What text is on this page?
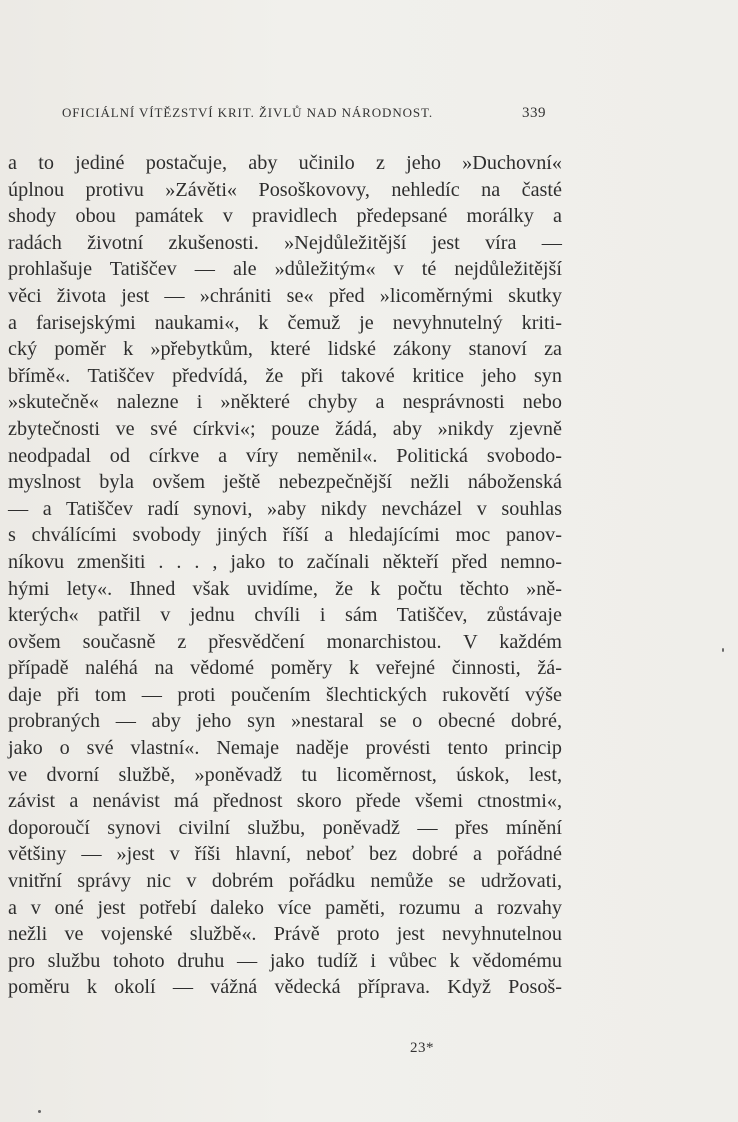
OFICIÁLNÍ VÍTĚZSTVÍ KRIT. ŽIVLŮ NAD NÁRODNOST.	339
a to jediné postačuje, aby učinilo z jeho »Duchovní«
úplnou protivu »Závěti« Posoškovovy, nehledíc na časté
shody obou památek v pravidlech předepsané morálky a
radách životní zkušenosti. »Nejdůležitější jest víra —
prohlašuje Tatiščev — ale »důležitým« v té nejdůležitější
věci života jest — »chrániti se« před »licoměrnými skutky
a farisejskými naukami«, k čemuž je nevyhnutelný kriti-
cký poměr k »přebytkům, které lidské zákony stanoví za
břímě«. Tatiščev předvídá, že při takové kritice jeho syn
»skutečně« nalezne i »některé chyby a nesprávnosti nebo
zbytečnosti ve své církvi«; pouze žádá, aby »nikdy zjevně
neodpadal od církve a víry neměnil«. Politická svobodo-
myslnost byla ovšem ještě nebezpečnější nežli náboženská
— a Tatiščev radí synovi, »aby nikdy nevcházel v souhlas
s chválícími svobody jiných říší a hledajícími moc panov-
níkovu zmenšiti . . . , jako to začínali někteří před nemno-
hými lety«. Ihned však uvidíme, že k počtu těchto »ně-
kterých« patřil v jednu chvíli i sám Tatiščev, zůstávaje
ovšem současně z přesvědčení monarchistou. V každém
případě naléhá na vědomé poměry k veřejné činnosti, žá-
daje při tom — proti poučením šlechtických rukovětí výše
probraných — aby jeho syn »nestaral se o obecné dobré,
jako o své vlastní«. Nemaje naděje provésti tento princip
ve dvorní službě, »poněvadž tu licoměrnost, úskok, lest,
závist a nenávist má přednost skoro přede všemi ctnostmi«,
doporoučí synovi civilní službu, poněvadž — přes mínění
většiny — »jest v říši hlavní, neboť bez dobré a pořádné
vnitřní správy nic v dobrém pořádku nemůže se udržovati,
a v oné jest potřebí daleko více paměti, rozumu a rozvahy
nežli ve vojenské službě«. Právě proto jest nevyhnutelnou
pro službu tohoto druhu — jako tudíž i vůbec k vědomému
poměru k okolí — vážná vědecká příprava. Když Posoš-
23*
